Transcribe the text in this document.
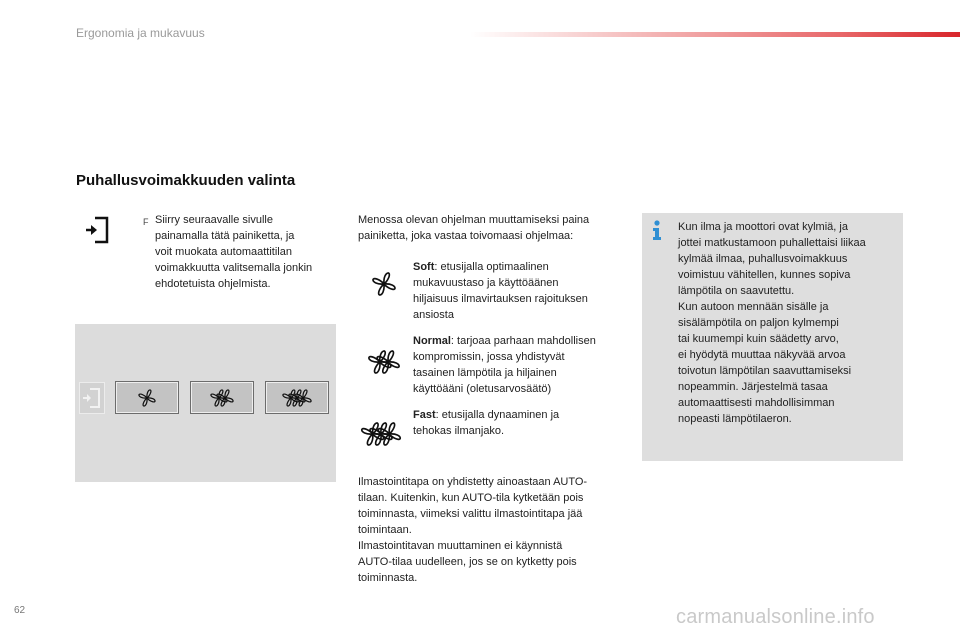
Ergonomia ja mukavuus
Puhallusvoimakkuuden valinta
F Siirry seuraavalle sivulle
painamalla tätä painiketta, ja
voit muokata automaattitilan
voimakkuutta valitsemalla jonkin
ehdotetuista ohjelmista.
Menossa olevan ohjelman muuttamiseksi paina
painiketta, joka vastaa toivomaasi ohjelmaa:
Soft: etusijalla optimaalinen
mukavuustaso ja käyttöäänen
hiljaisuus ilmavirtauksen rajoituksen
ansiosta
Normal: tarjoaa parhaan mahdollisen
kompromissin, jossa yhdistyvät
tasainen lämpötila ja hiljainen
käyttöääni (oletusarvosäätö)
Fast: etusijalla dynaaminen ja
tehokas ilmanjako.
Ilmastointitapa on yhdistetty ainoastaan AUTO-
tilaan. Kuitenkin, kun AUTO-tila kytketään pois
toiminnasta, viimeksi valittu ilmastointitapa jää
toimintaan.
Ilmastointitavan muuttaminen ei käynnistä
AUTO-tilaa uudelleen, jos se on kytketty pois
toiminnasta.
Kun ilma ja moottori ovat kylmiä, ja
jottei matkustamoon puhallettaisi liikaa
kylmää ilmaa, puhallusvoimakkuus
voimistuu vähitellen, kunnes sopiva
lämpötila on saavutettu.
Kun autoon mennään sisälle ja
sisälämpötila on paljon kylmempi
tai kuumempi kuin säädetty arvo,
ei hyödytä muuttaa näkyvää arvoa
toivotun lämpötilan saavuttamiseksi
nopeammin. Järjestelmä tasaa
automaattisesti mahdollisimman
nopeasti lämpötilaeron.
62	carmanualsonline.info
